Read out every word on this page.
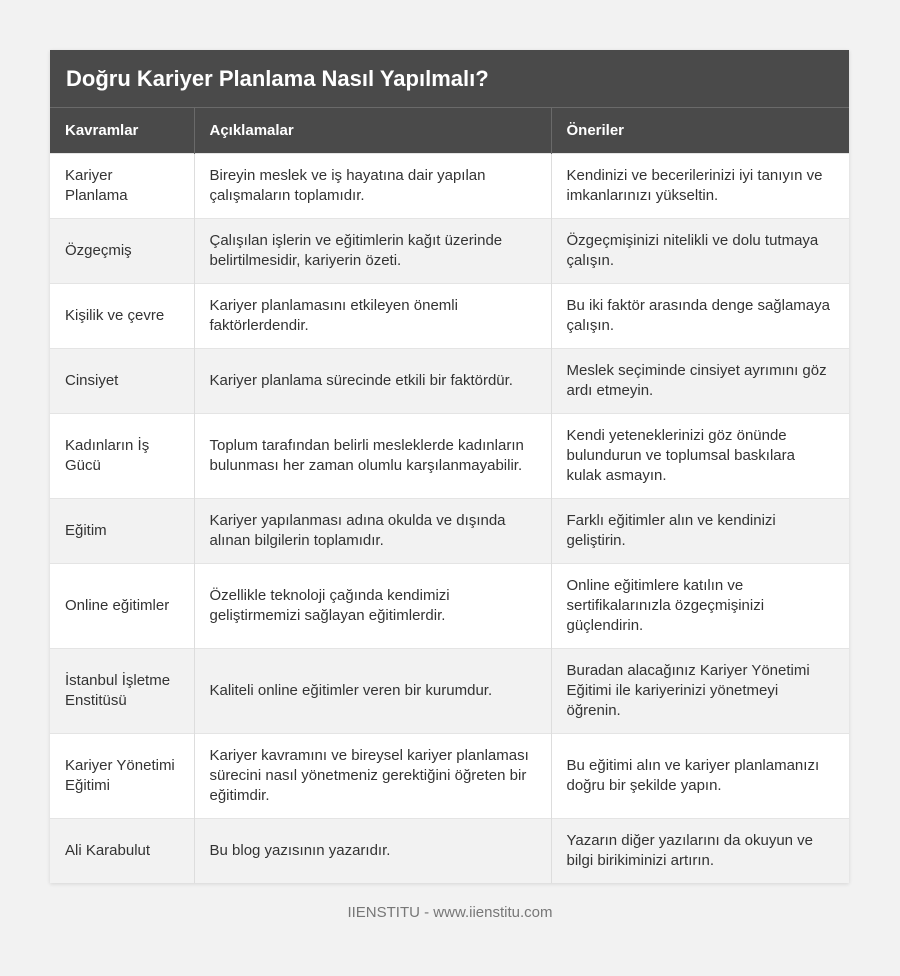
Doğru Kariyer Planlama Nasıl Yapılmalı?
Kavramlar	Açıklamalar	Öneriler
Kariyer Planlama	Bireyin meslek ve iş hayatına dair yapılan çalışmaların toplamıdır.	Kendinizi ve becerilerinizi iyi tanıyın ve imkanlarınızı yükseltin.
Özgeçmiş	Çalışılan işlerin ve eğitimlerin kağıt üzerinde belirtilmesidir, kariyerin özeti.	Özgeçmişinizi nitelikli ve dolu tutmaya çalışın.
Kişilik ve çevre	Kariyer planlamasını etkileyen önemli faktörlerdendir.	Bu iki faktör arasında denge sağlamaya çalışın.
Cinsiyet	Kariyer planlama sürecinde etkili bir faktördür.	Meslek seçiminde cinsiyet ayrımını göz ardı etmeyin.
Kadınların İş Gücü	Toplum tarafından belirli mesleklerde kadınların bulunması her zaman olumlu karşılanmayabilir.	Kendi yeteneklerinizi göz önünde bulundurun ve toplumsal baskılara kulak asmayın.
Eğitim	Kariyer yapılanması adına okulda ve dışında alınan bilgilerin toplamıdır.	Farklı eğitimler alın ve kendinizi geliştirin.
Online eğitimler	Özellikle teknoloji çağında kendimizi geliştirmemizi sağlayan eğitimlerdir.	Online eğitimlere katılın ve sertifikalarınızla özgeçmişinizi güçlendirin.
İstanbul İşletme Enstitüsü	Kaliteli online eğitimler veren bir kurumdur.	Buradan alacağınız Kariyer Yönetimi Eğitimi ile kariyerinizi yönetmeyi öğrenin.
Kariyer Yönetimi Eğitimi	Kariyer kavramını ve bireysel kariyer planlaması sürecini nasıl yönetmeniz gerektiğini öğreten bir eğitimdir.	Bu eğitimi alın ve kariyer planlamanızı doğru bir şekilde yapın.
Ali Karabulut	Bu blog yazısının yazarıdır.	Yazarın diğer yazılarını da okuyun ve bilgi birikiminizi artırın.
IIENSTITU - www.iienstitu.com
